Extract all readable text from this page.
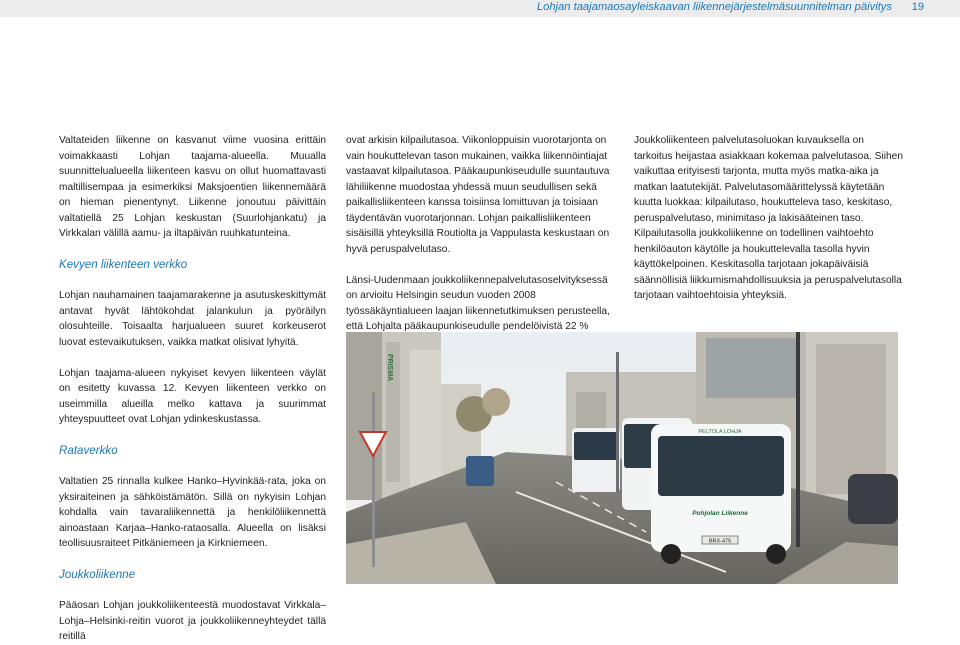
Lohjan taajamaosayleiskaavan liikennejärjestelmäsuunnitelman päivitys 19

Valtateiden liikenne on kasvanut viime vuosina erittäin voimakkaasti Lohjan taajama-alueella. Muualla suunnittelualueella liikenteen kasvu on ollut huomattavasti maltillisempaa ja esimerkiksi Maksjoentien liikennemäärä on hieman pienentynyt. Liikenne jonoutuu päivittäin valtatiellä 25 Lohjan keskustan (Suurlohjankatu) ja Virkkalan välillä aamu- ja iltapäivän ruuhkatunteina.

Kevyen liikenteen verkko

Lohjan nauhamainen taajamarakenne ja asutuskeskittymät antavat hyvät lähtökohdat jalankulun ja pyöräilyn olosuhteille. Toisaalta harjualueen suuret korkeuserot luovat estevaikutuksen, vaikka matkat olisivat lyhyitä.

Lohjan taajama-alueen nykyiset kevyen liikenteen väylät on esitetty kuvassa 12. Kevyen liikenteen verkko on useimmilla alueilla melko kattava ja suurimmat yhteyspuutteet ovat Lohjan ydinkeskustassa.

Rataverkko

Valtatien 25 rinnalla kulkee Hanko–Hyvinkää-rata, joka on yksiraiteinen ja sähköistämätön. Sillä on nykyisin Lohjan kohdalla vain tavaraliikennettä ja henkilöliikennettä ainoastaan Karjaa–Hanko-rataosalla. Alueella on lisäksi teollisuusraiteet Pitkäniemeen ja Kirkniemeen.

Joukkoliikenne

Pääosan Lohjan joukkoliikenteestä muodostavat Virkkala–Lohja–Helsinki-reitin vuorot ja joukkoliikenneyhteydet tällä reitillä

ovat arkisin kilpailutasoa. Viikonloppuisin vuorotarjonta on vain houkuttelevan tason mukainen, vaikka liikennöintiajat vastaavat kilpailutasoa. Pääkaupunkiseudulle suuntautuva lähiliikenne muodostaa yhdessä muun seudullisen sekä paikallisliikenteen kanssa toisiinsa lomittuvan ja toisiaan täydentävän vuorotarjonnan. Lohjan paikallisliikenteen sisäisillä yhteyksillä Routiolta ja Vappulasta keskustaan on hyvä peruspalvelutaso.

Länsi-Uudenmaan joukkoliikennepalvelutasoselvityksessä on arvioitu Helsingin seudun vuoden 2008 työssäkäyntialueen laajan liikennetutkimuksen perusteella, että Lohjalta pääkaupunkiseudulle pendelöivistä 22 %

Joukkoliikenteen palvelutasoluokan kuvauksella on tarkoitus heijastaa asiakkaan kokemaa palvelutasoa. Siihen vaikuttaa erityisesti tarjonta, mutta myös matka-aika ja matkan laatutekijät. Palvelutasomäärittelyssä käytetään kuutta luokkaa: kilpailutaso, houkutteleva taso, keskitaso, peruspalvelutaso, minimitaso ja lakisääteinen taso. Kilpailutasolla joukkoliikenne on todellinen vaihtoehto henkilöauton käytölle ja houkuttelevalla tasolla hyvin käyttökelpoinen. Keskitasolla tarjotaan jokapäiväisiä säännöllisiä liikkumismahdollisuuksia ja peruspalvelutasolla tarjotaan vaihtoehtoisia yhteyksiä.

PRISMA
PELTOLA LOHJA
Pohjolan Liikenne
BRX-475
